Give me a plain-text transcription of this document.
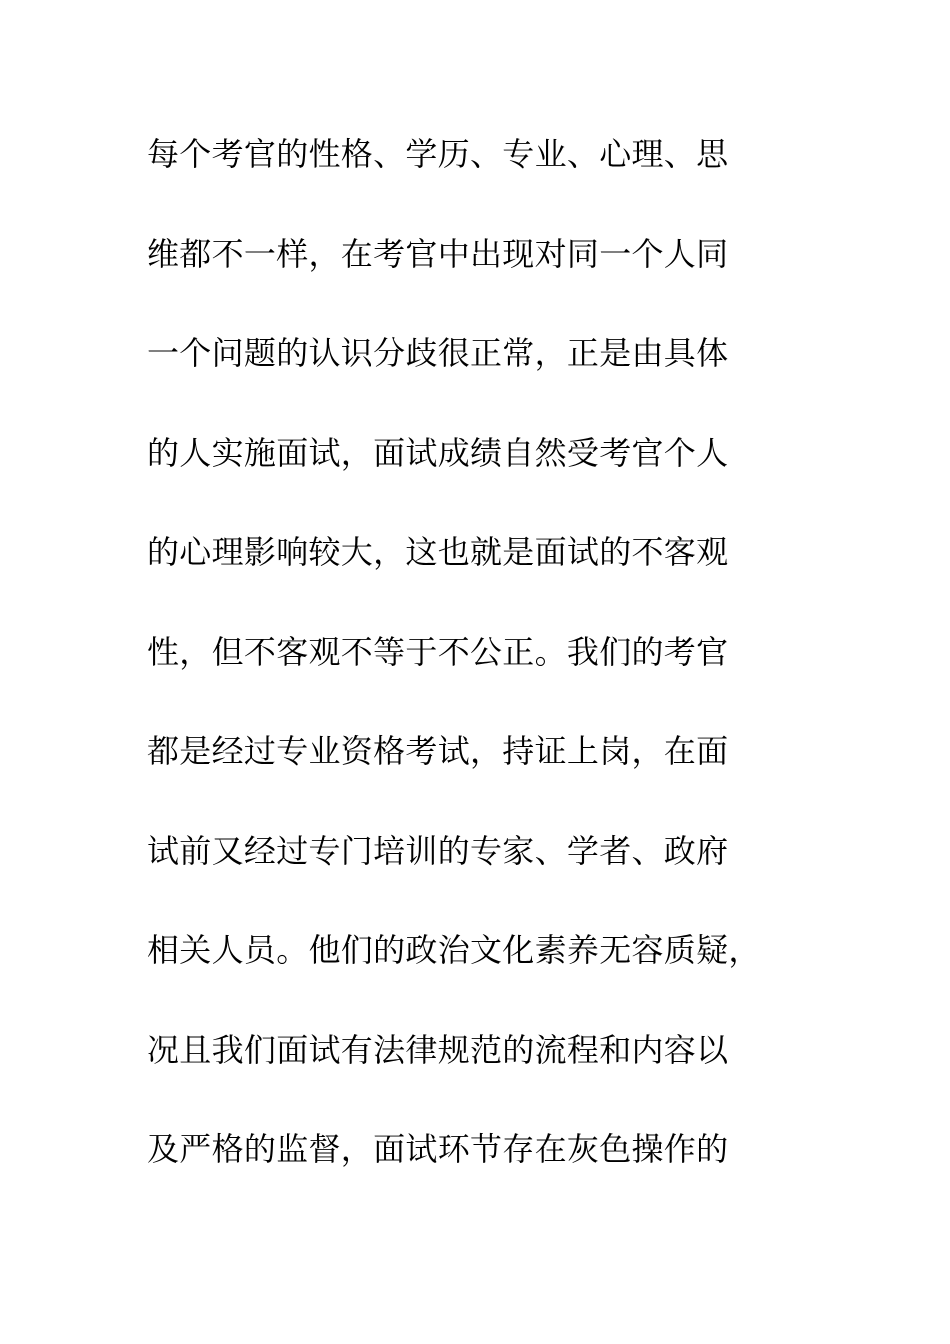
每个考官的性格、学历、专业、心理、思
维都不一样，在考官中出现对同一个人同
一个问题的认识分歧很正常，正是由具体
的人实施面试，面试成绩自然受考官个人
的心理影响较大，这也就是面试的不客观
性，但不客观不等于不公正。我们的考官
都是经过专业资格考试，持证上岗，在面
试前又经过专门培训的专家、学者、政府
相关人员。他们的政治文化素养无容质疑，
况且我们面试有法律规范的流程和内容以
及严格的监督，面试环节存在灰色操作的
